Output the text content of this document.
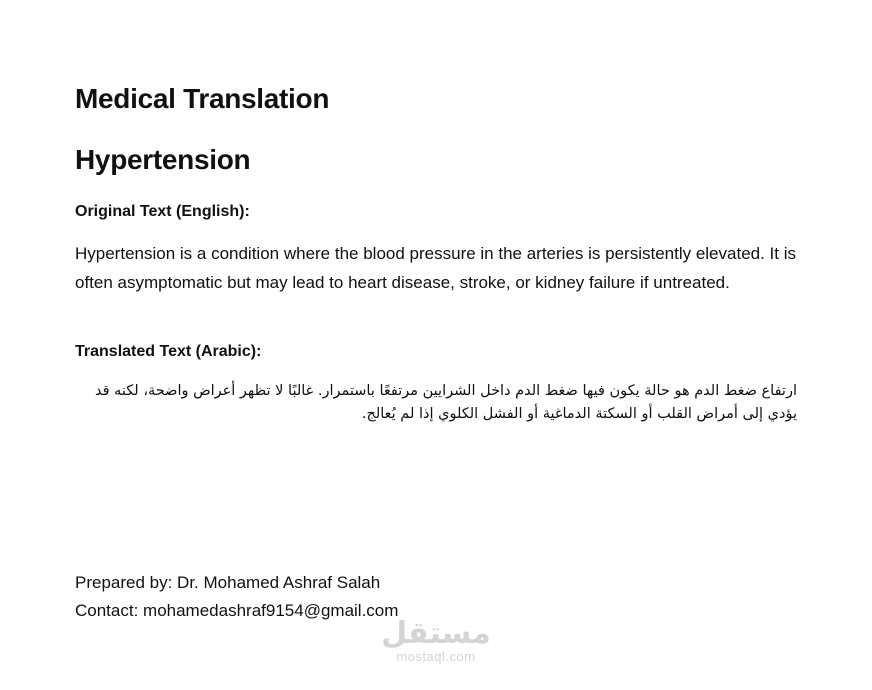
Medical Translation
Hypertension

Original Text (English):

Hypertension is a condition where the blood pressure in the arteries is persistently elevated. It is often asymptomatic but may lead to heart disease, stroke, or kidney failure if untreated.

Translated Text (Arabic):

ارتفاع ضغط الدم هو حالة يكون فيها ضغط الدم داخل الشرايين مرتفعًا باستمرار. غالبًا لا تظهر أعراض واضحة، لكنه قد يؤدي إلى أمراض القلب أو السكتة الدماغية أو الفشل الكلوي إذا لم يُعالج.

Prepared by: Dr. Mohamed Ashraf Salah

Contact: mohamedashraf9154@gmail.com

مستقل
mostaql.com
